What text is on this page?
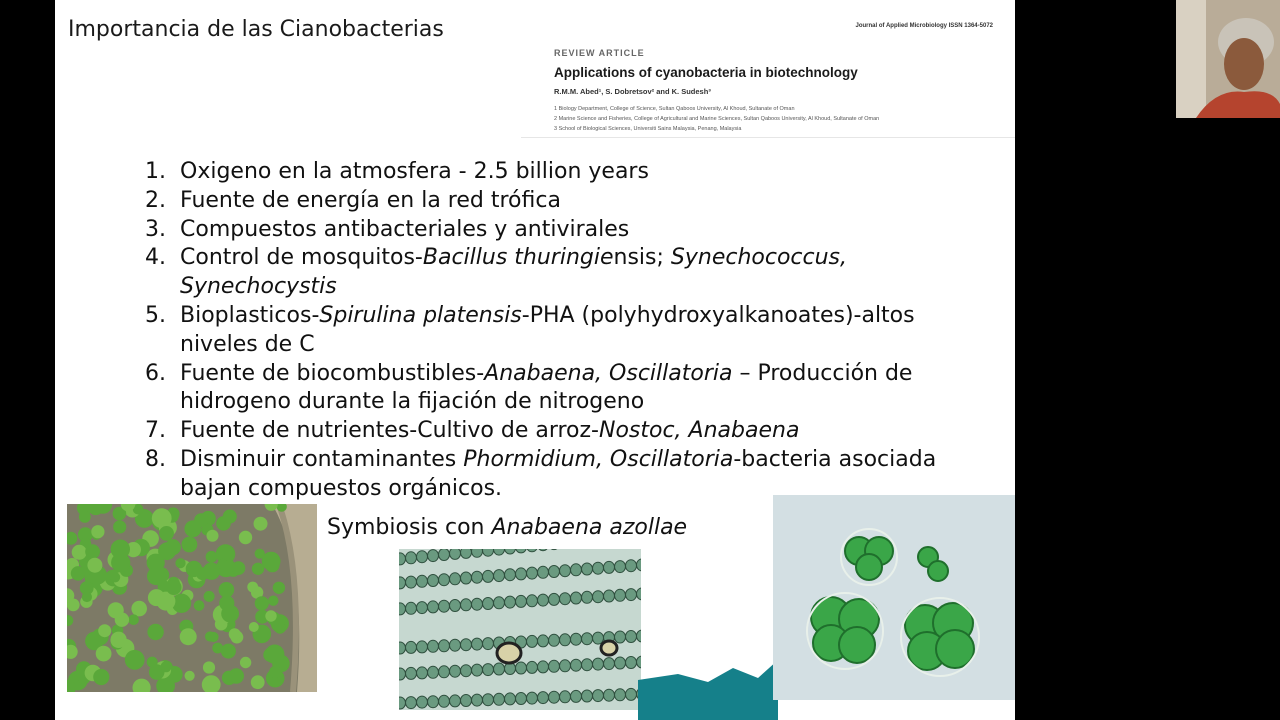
Importancia de las Cianobacterias	Journal of Applied Microbiology ISSN 1364-5072
REVIEW ARTICLE
Applications of cyanobacteria in biotechnology
R.M.M. Abed¹, S. Dobretsov² and K. Sudesh³
1 Biology Department, College of Science, Sultan Qaboos University, Al Khoud, Sultanate of Oman
2 Marine Science and Fisheries, College of Agricultural and Marine Sciences, Sultan Qaboos University, Al Khoud, Sultanate of Oman
3 School of Biological Sciences, Universiti Sains Malaysia, Penang, Malaysia
1. Oxigeno en la atmosfera - 2.5 billion years
2. Fuente de energía en la red trófica
3. Compuestos antibacteriales y antivirales
4. Control de mosquitos-Bacillus thuringiensis; Synechococcus, Synechocystis
5. Bioplasticos-Spirulina platensis-PHA (polyhydroxyalkanoates)-altos niveles de C
6. Fuente de biocombustibles-Anabaena, Oscillatoria – Producción de hidrogeno durante la fijación de nitrogeno
7. Fuente de nutrientes-Cultivo de arroz-Nostoc, Anabaena
8. Disminuir contaminantes Phormidium, Oscillatoria-bacteria asociada bajan compuestos orgánicos.
Symbiosis con Anabaena azollae
